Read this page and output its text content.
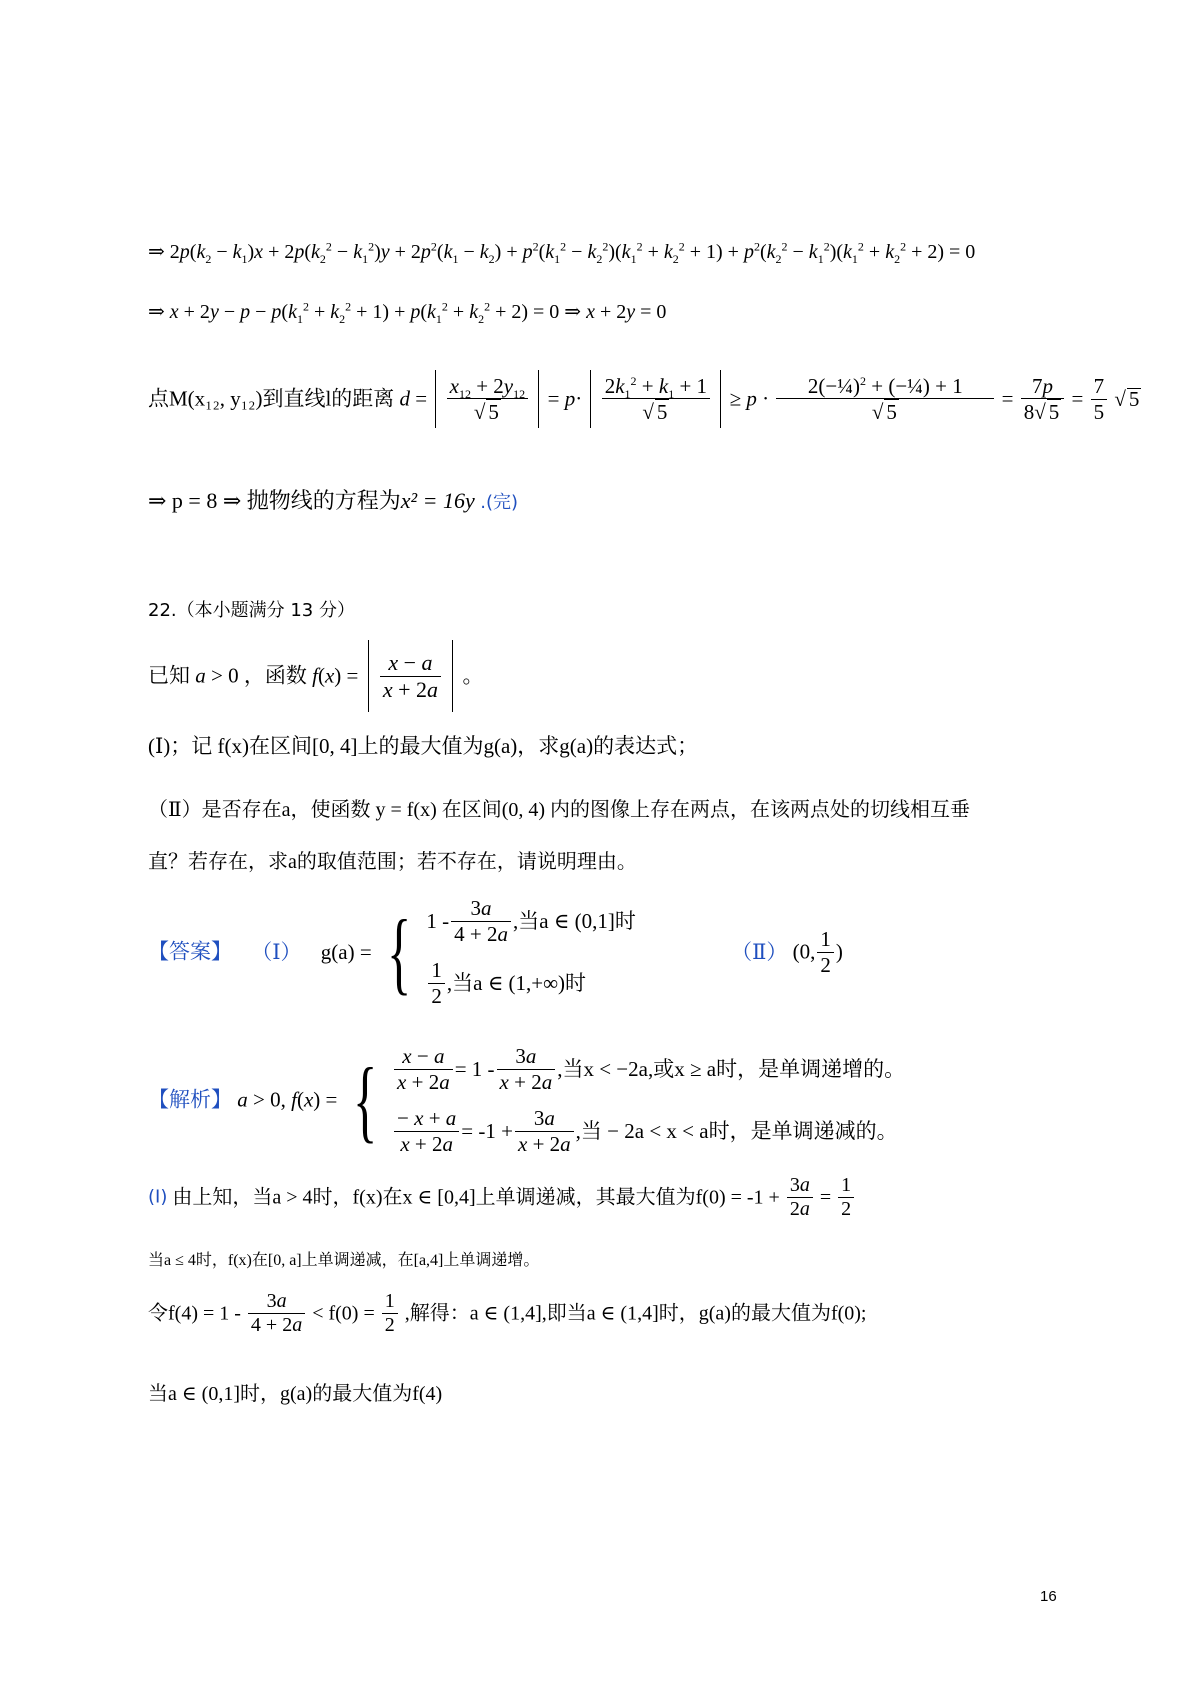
⇒ $2p(k_2 - k_1)x + 2p(k_2^2 - k_1^2)y + 2p^2(k_1 - k_2) + p^2(k_1^2 - k_2^2)(k_1^2 + k_2^2 + 1) + p^2(k_2^2 - k_1^2)(k_1^2 + k_2^2 + 2) = 0$
⇒ $x + 2y - p - p(k_1^2 + k_2^2 + 1) + p(k_1^2 + k_2^2 + 2) = 0$ ⇒ x + 2y = 0
点M(x₁₂, y₁₂)到直线l的距离 $d = \frac{x_{12} + 2y_{12}}{√ 5} = p\cdot \frac{2k_1^2 + k_1 + 1}{√ 5} \ge p \cdot \frac{2(-\frac{1}{4})^2 + (-\frac{1}{4}) + 1}{√ 5} = \frac{7p}{8√ 5} = \frac{7}{5}$ √ 5
⇒ p = 8 ⇒ 抛物线的方程为x² = 16y .(完)
22.（本小题满分 13 分）
已知 a > 0 ，函数 $f(x) = \frac{x - a}{x + 2a}$ 。
(Ⅰ)；记 f(x)在区间[0, 4]上的最大值为g(a)，求g(a)的表达式；
（Ⅱ）是否存在a，使函数 y = f(x) 在区间(0, 4) 内的图像上存在两点，在该两点处的切线相互垂
直？若存在，求a的取值范围；若不存在，请说明理由。
【答案】 （Ⅰ） g(a) = { 1 -
3a
4 + 2a
,当a ∈ (0,1]时
1
2
,当a ∈ (1,+∞)时
（Ⅱ） (0, $\frac{1}{2}$ )
【解析】 a > 0, f(x) = {	x − a
x + 2a
= 1 -
3a
x + 2a
,当x < −2a,或x ≥ a时，是单调递增的。
− x + a
x + 2a
= -1 +
3a
x + 2a
,当 − 2a < x < a时，是单调递减的。
(Ⅰ) 由上知，当a > 4时，f(x)在x ∈ [0,4]上单调递减，其最大值为$f(0) = -1 + \frac{3a}{2a} = \frac{1}{2}$
当a ≤ 4时，f(x)在[0, a]上单调递减，在[a,4]上单调递增。
令$f(4) = 1 - \frac{3a}{4 + 2a} < f(0) = \frac{1}{2}$ ,解得：a ∈ (1,4],即当a ∈ (1,4]时，g(a)的最大值为f(0);
当a ∈ (0,1]时，g(a)的最大值为f(4)
16
